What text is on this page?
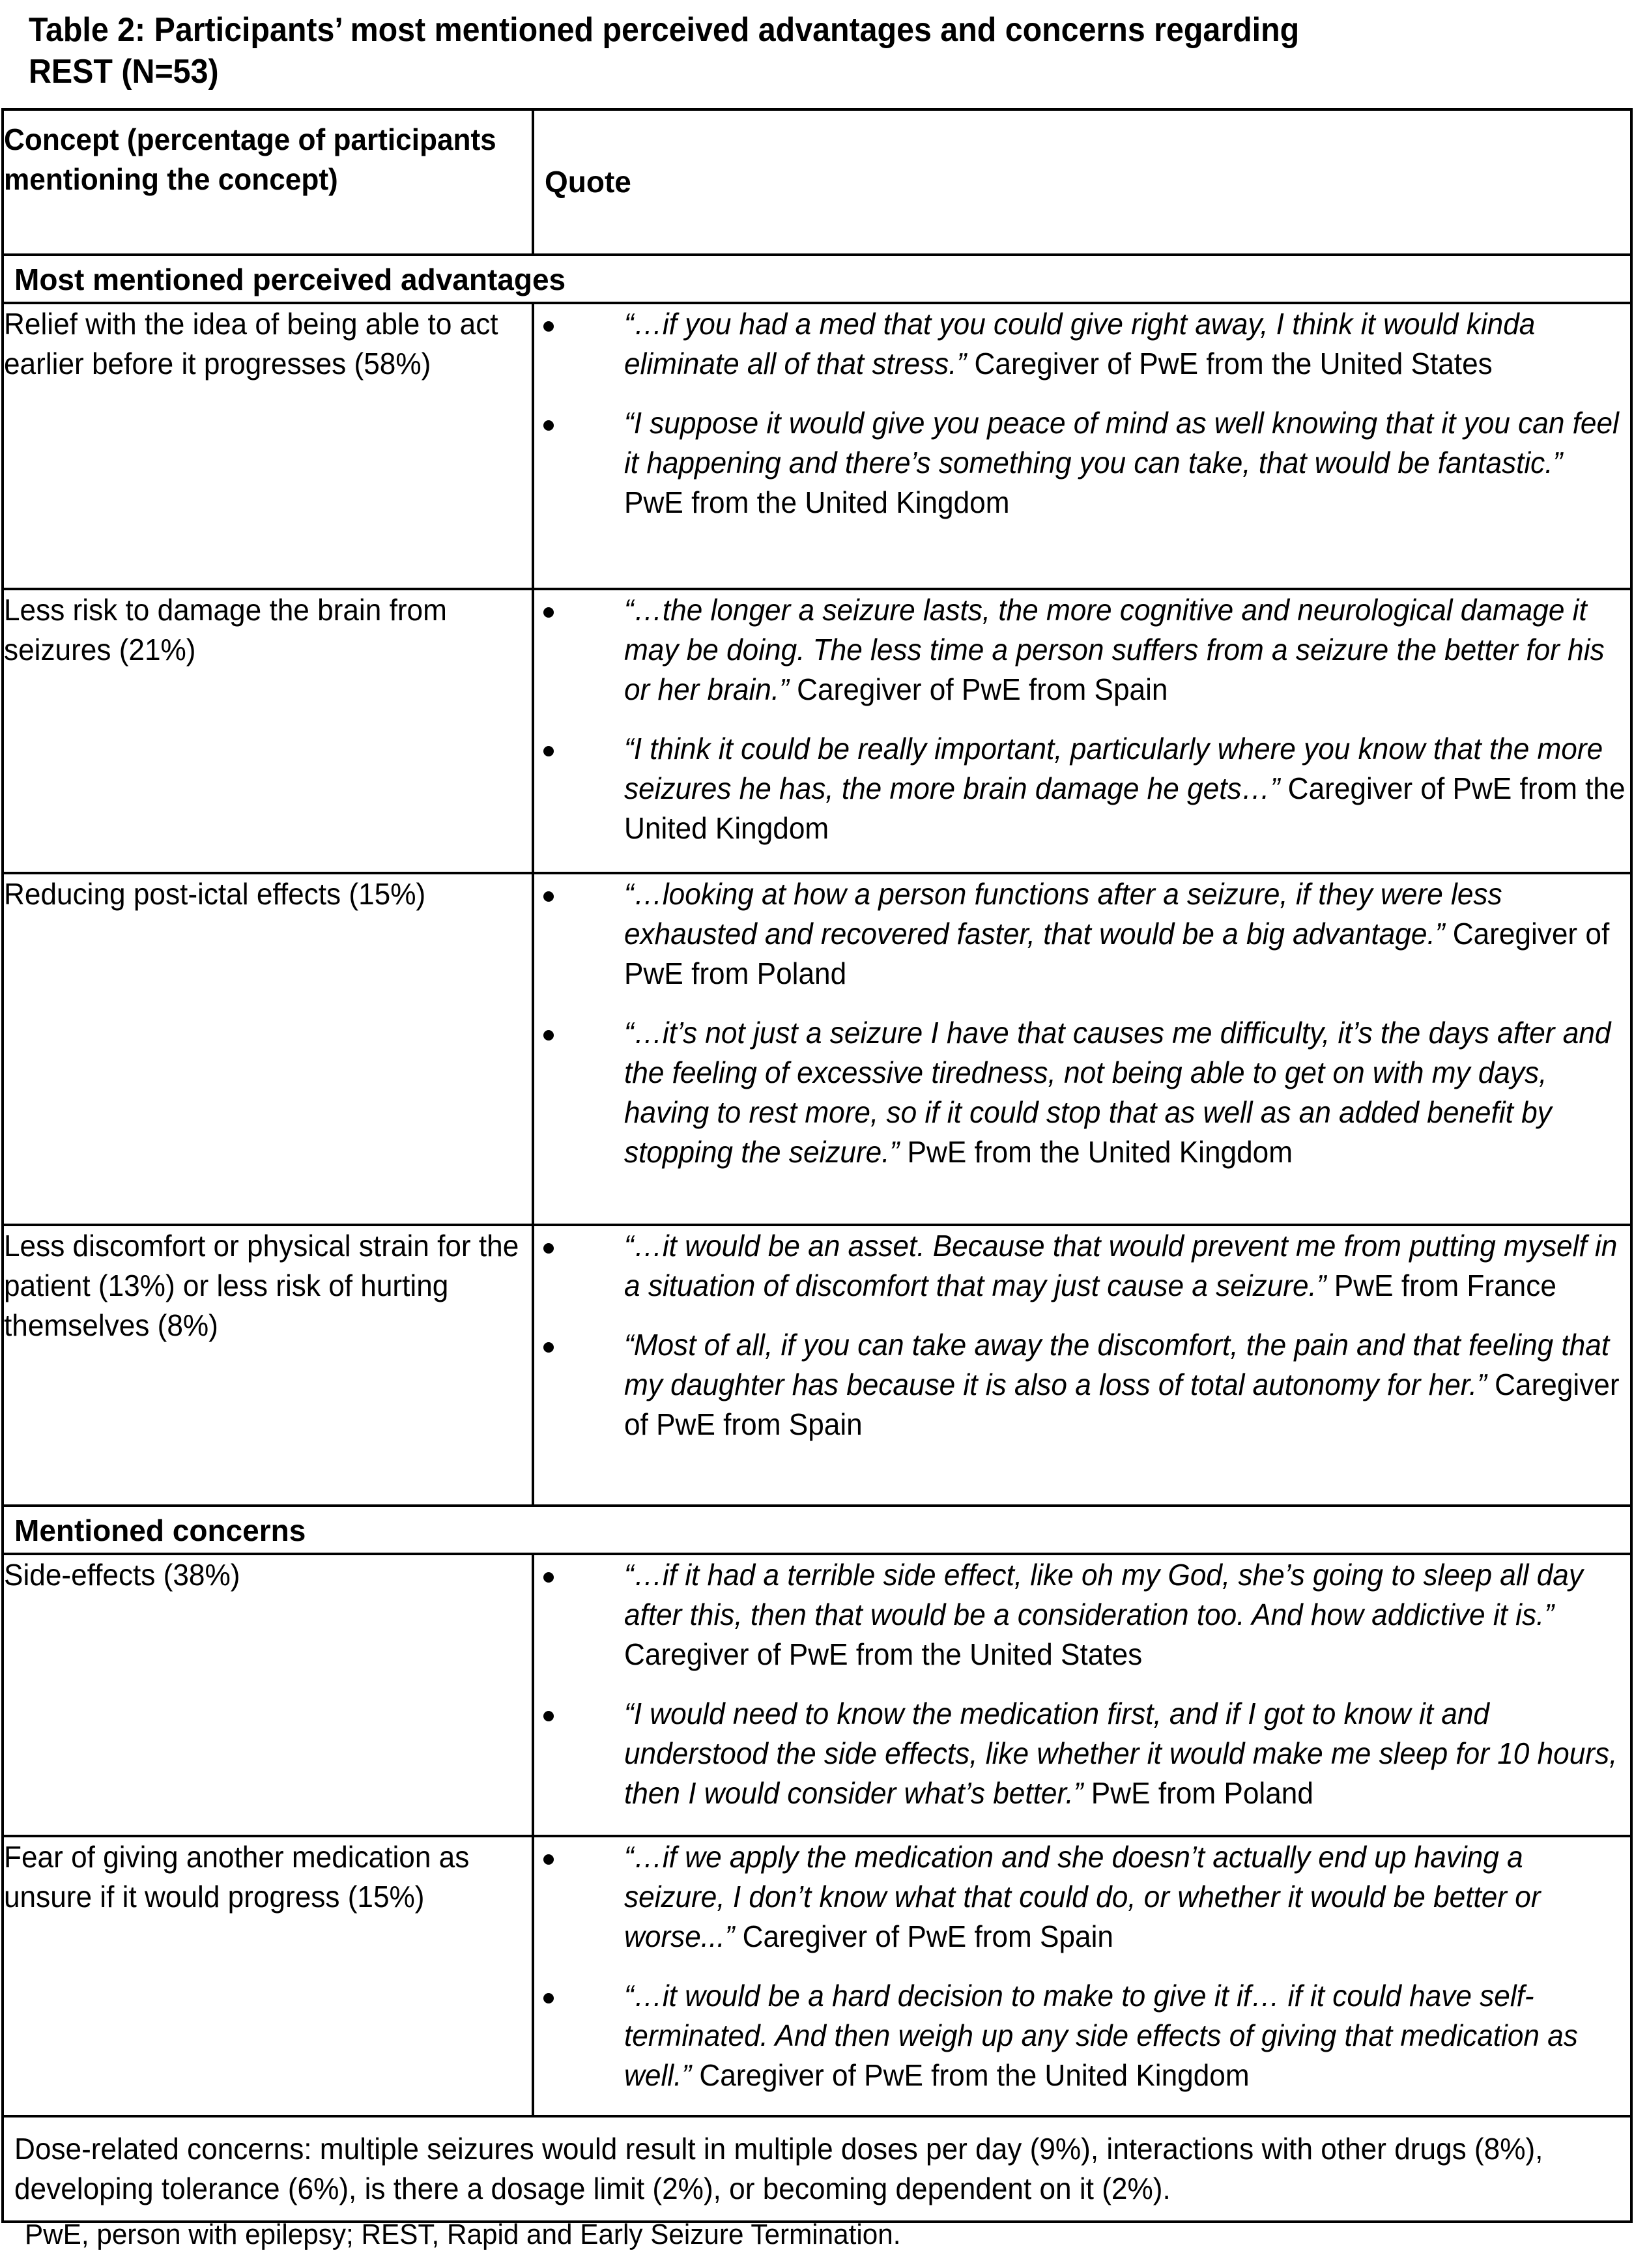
Table 2: Participants’ most mentioned perceived advantages and concerns regarding
REST (N=53)
Concept (percentage of participants mentioning the concept)	Quote
Most mentioned perceived advantages	
Relief with the idea of being able to act earlier before it progresses (58%)	“…if you had a med that you could give right away, I think it would kinda eliminate all of that stress.” Caregiver of PwE from the United States
“I suppose it would give you peace of mind as well knowing that it you can feel it happening and there’s something you can take, that would be fantastic.” PwE from the United Kingdom

Less risk to damage the brain from seizures (21%)	“…the longer a seizure lasts, the more cognitive and neurological damage it may be doing. The less time a person suffers from a seizure the better for his or her brain.” Caregiver of PwE from Spain
“I think it could be really important, particularly where you know that the more seizures he has, the more brain damage he gets…” Caregiver of PwE from the United Kingdom

Reducing post-ictal effects (15%)	“…looking at how a person functions after a seizure, if they were less exhausted and recovered faster, that would be a big advantage.” Caregiver of PwE from Poland
“…it’s not just a seizure I have that causes me difficulty, it’s the days after and the feeling of excessive tiredness, not being able to get on with my days, having to rest more, so if it could stop that as well as an added benefit by stopping the seizure.” PwE from the United Kingdom

Less discomfort or physical strain for the patient (13%) or less risk of hurting themselves (8%)	“…it would be an asset. Because that would prevent me from putting myself in a situation of discomfort that may just cause a seizure.” PwE from France
“Most of all, if you can take away the discomfort, the pain and that feeling that my daughter has because it is also a loss of total autonomy for her.” Caregiver of PwE from Spain

Mentioned concerns	
Side-effects (38%)	“…if it had a terrible side effect, like oh my God, she’s going to sleep all day after this, then that would be a consideration too. And how addictive it is.” Caregiver of PwE from the United States
“I would need to know the medication first, and if I got to know it and understood the side effects, like whether it would make me sleep for 10 hours, then I would consider what’s better.” PwE from Poland

Fear of giving another medication as unsure if it would progress (15%)	“…if we apply the medication and she doesn’t actually end up having a seizure, I don’t know what that could do, or whether it would be better or worse...” Caregiver of PwE from Spain
“…it would be a hard decision to make to give it if… if it could have self-terminated. And then weigh up any side effects of giving that medication as well.” Caregiver of PwE from the United Kingdom

Dose-related concerns: multiple seizures would result in multiple doses per day (9%), interactions with other drugs (8%), developing tolerance (6%), is there a dosage limit (2%), or becoming dependent on it (2%).	
PwE, person with epilepsy; REST, Rapid and Early Seizure Termination.
